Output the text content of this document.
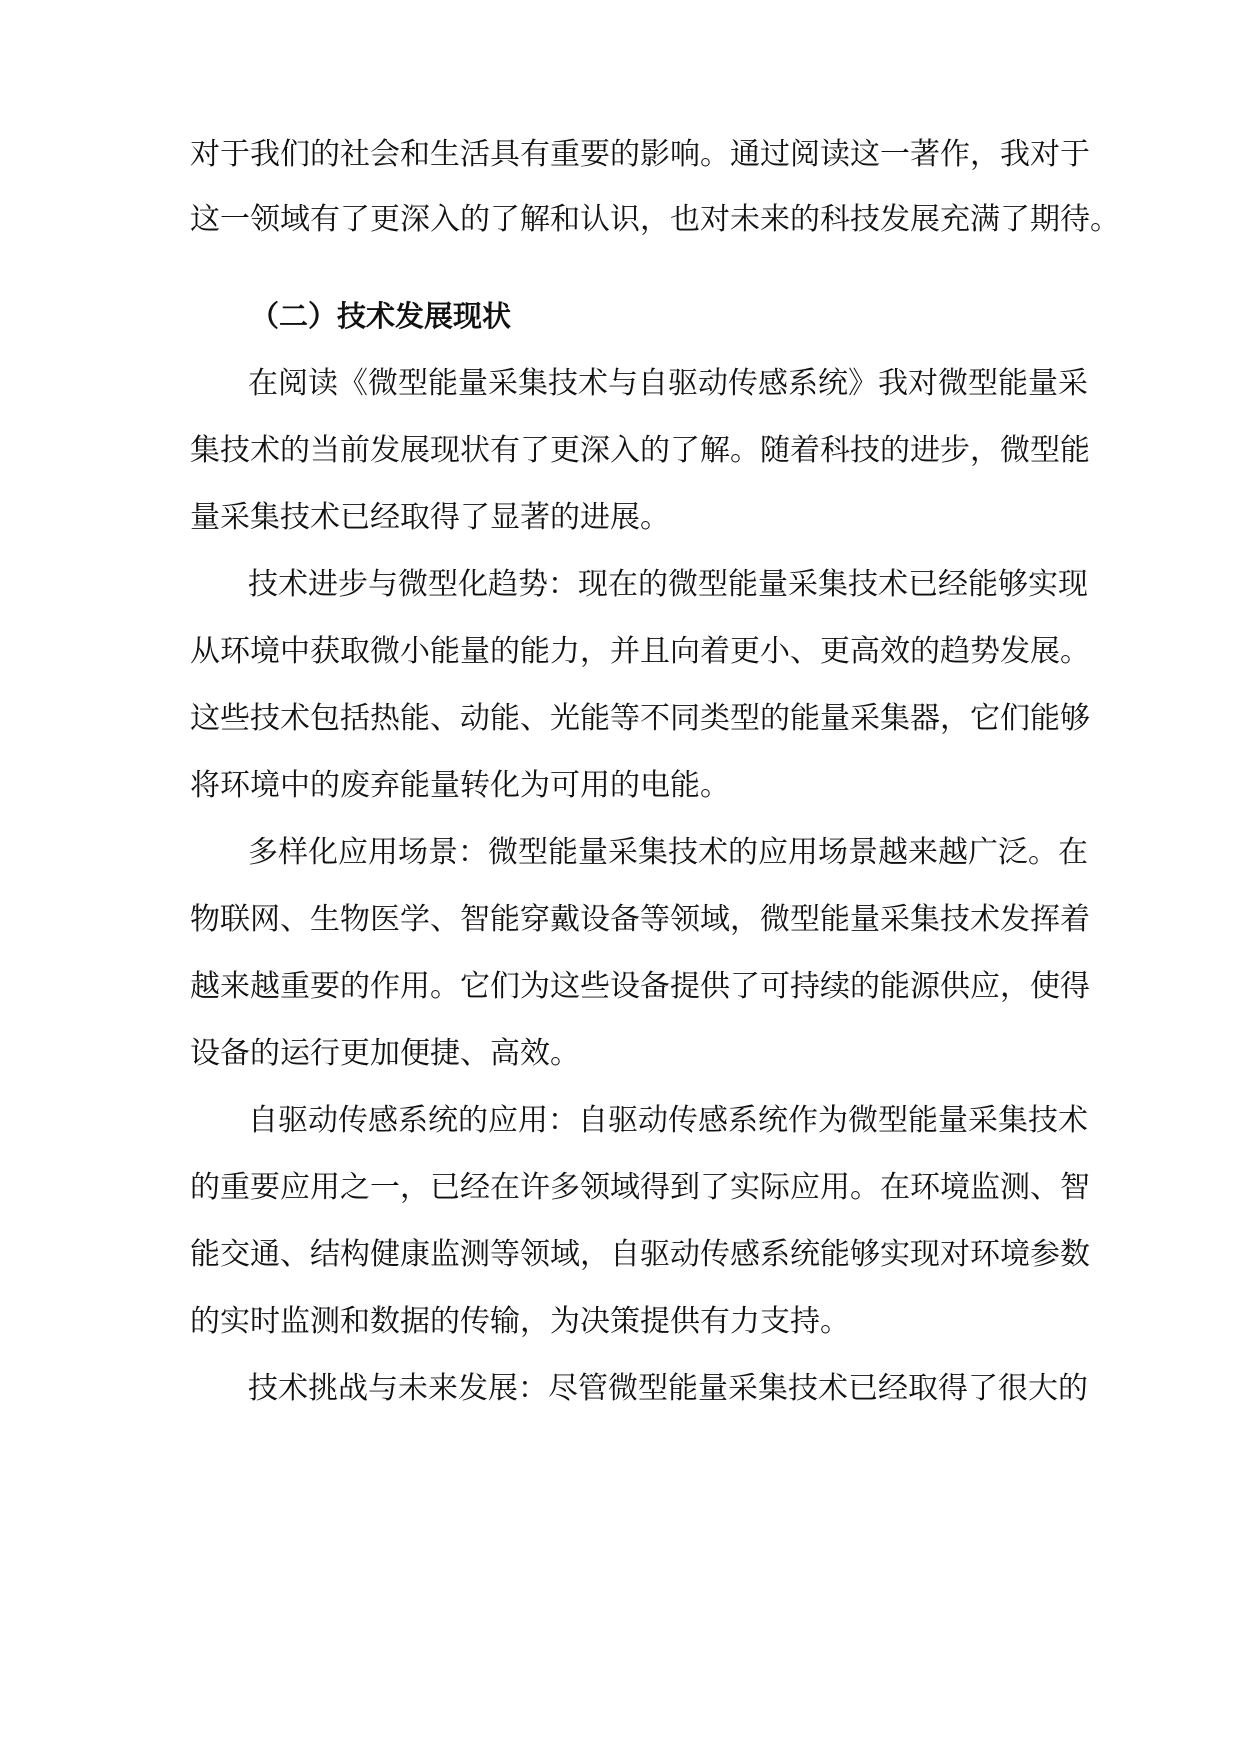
对于我们的社会和生活具有重要的影响。通过阅读这一著作，我对于
这一领域有了更深入的了解和认识，也对未来的科技发展充满了期待。
（二）技术发展现状
在阅读《微型能量采集技术与自驱动传感系统》我对微型能量采
集技术的当前发展现状有了更深入的了解。随着科技的进步，微型能
量采集技术已经取得了显著的进展。
技术进步与微型化趋势：现在的微型能量采集技术已经能够实现
从环境中获取微小能量的能力，并且向着更小、更高效的趋势发展。
这些技术包括热能、动能、光能等不同类型的能量采集器，它们能够
将环境中的废弃能量转化为可用的电能。
多样化应用场景：微型能量采集技术的应用场景越来越广泛。在
物联网、生物医学、智能穿戴设备等领域，微型能量采集技术发挥着
越来越重要的作用。它们为这些设备提供了可持续的能源供应，使得
设备的运行更加便捷、高效。
自驱动传感系统的应用：自驱动传感系统作为微型能量采集技术
的重要应用之一，已经在许多领域得到了实际应用。在环境监测、智
能交通、结构健康监测等领域，自驱动传感系统能够实现对环境参数
的实时监测和数据的传输，为决策提供有力支持。
技术挑战与未来发展：尽管微型能量采集技术已经取得了很大的
